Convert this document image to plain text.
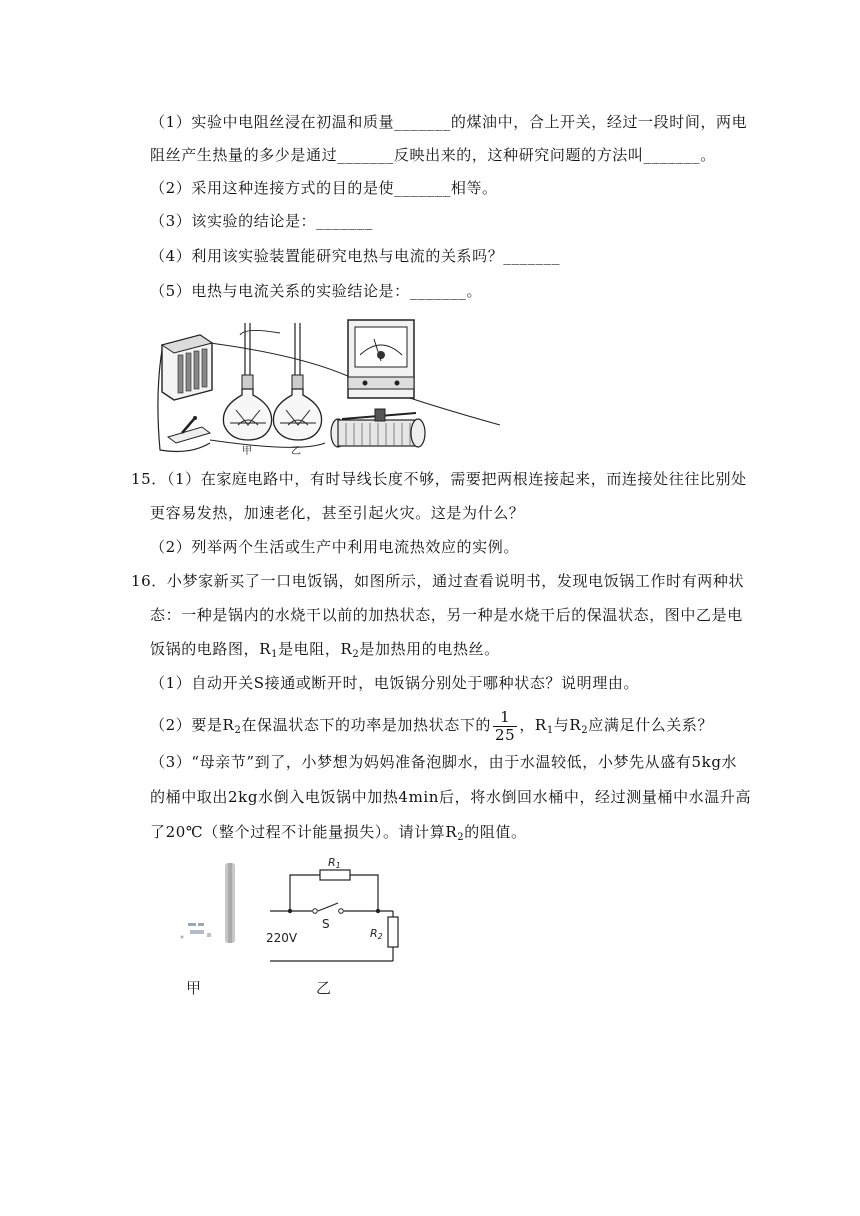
（1）实验中电阻丝浸在初温和质量_______的煤油中，合上开关，经过一段时间，两电
阻丝产生热量的多少是通过_______反映出来的，这种研究问题的方法叫_______。
（2）采用这种连接方式的目的是使_______相等。
（3）该实验的结论是：_______
（4）利用该实验装置能研究电热与电流的关系吗？_______
（5）电热与电流关系的实验结论是：_______。
甲	乙
15．（1）在家庭电路中，有时导线长度不够，需要把两根连接起来，而连接处往往比别处
更容易发热，加速老化，甚至引起火灾。这是为什么？
（2）列举两个生活或生产中利用电流热效应的实例。
16．小梦家新买了一口电饭锅，如图所示，通过查看说明书，发现电饭锅工作时有两种状
态：一种是锅内的水烧干以前的加热状态，另一种是水烧干后的保温状态，图中乙是电
饭锅的电路图，$R_1$是电阻，$R_2$是加热用的电热丝。
（1）自动开关S接通或断开时，电饭锅分别处于哪种状态？说明理由。
（2）要是$R_2$在保温状态下的功率是加热状态下的 $\frac{1}{25}$ ，$R_1$与$R_2$应满足什么关系？
（3）“母亲节”到了，小梦想为妈妈准备泡脚水，由于水温较低，小梦先从盛有5kg水
的桶中取出2kg水倒入电饭锅中加热4min后，将水倒回水桶中，经过测量桶中水温升高
了20℃（整个过程不计能量损失）。请计算$R_2$的阻值。
甲
R1
S
R2
220V
乙
